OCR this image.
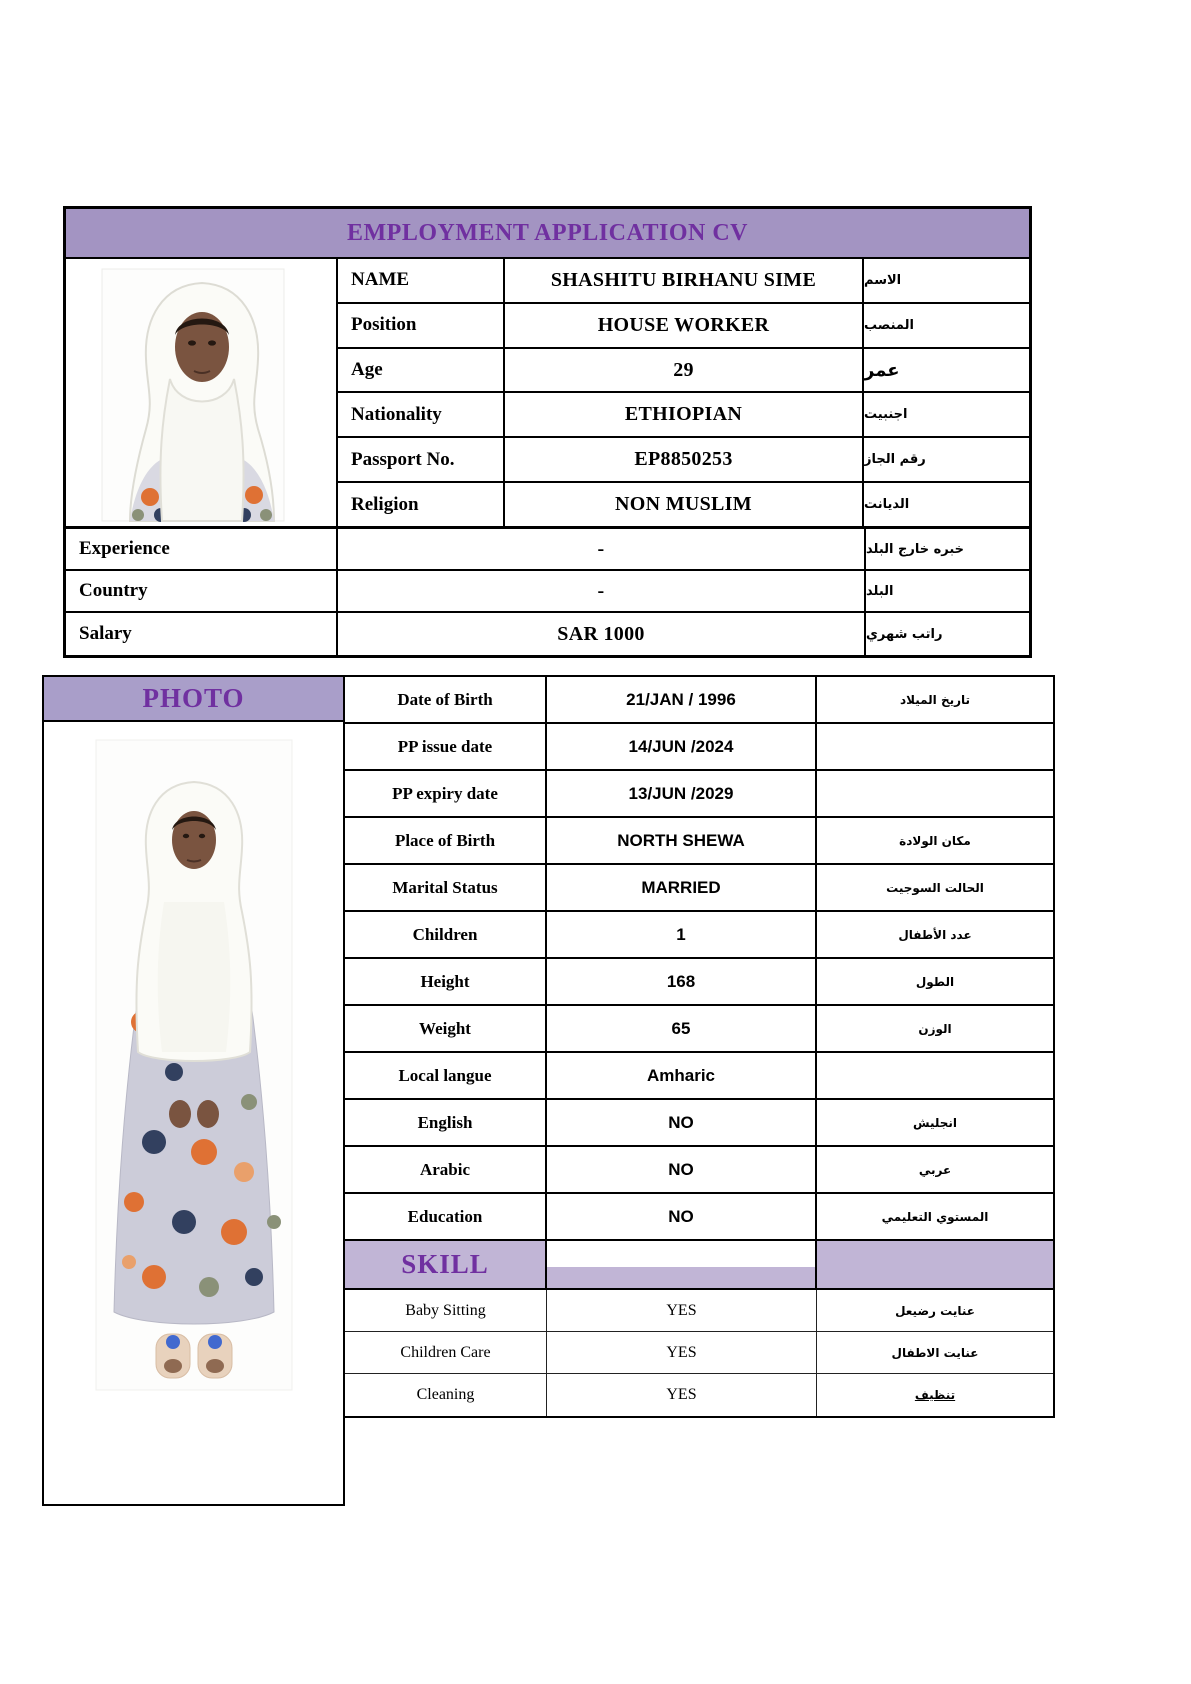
EMPLOYMENT APPLICATION CV
NAME	SHASHITU BIRHANU SIME	الاسم
Position	HOUSE WORKER	المنصب
Age	29	عمر
Nationality	ETHIOPIAN	اجنبيت
Passport No.	EP8850253	رقم الجاز
Religion	NON MUSLIM	الديانت
Experience	-	خبره خارج البلد
Country	-	البلد
Salary	SAR 1000	راتب شهري
PHOTO	Date of Birth	21/JAN / 1996	تاريخ الميلاد
PP issue date	14/JUN /2024
PP expiry date	13/JUN /2029
Place of Birth	NORTH SHEWA	مكان الولادة
Marital Status	MARRIED	الحالت السوجيت
Children	1	عدد الأطفال
Height	168	الطول
Weight	65	الوزن
Local langue	Amharic
English	NO	انجليش
Arabic	NO	عربي
Education	NO	المستوي التعليمي
SKILL
Baby Sitting	YES	عنايت رضيعل
Children Care	YES	عنايت الاطفال
Cleaning	YES	تنظيف
